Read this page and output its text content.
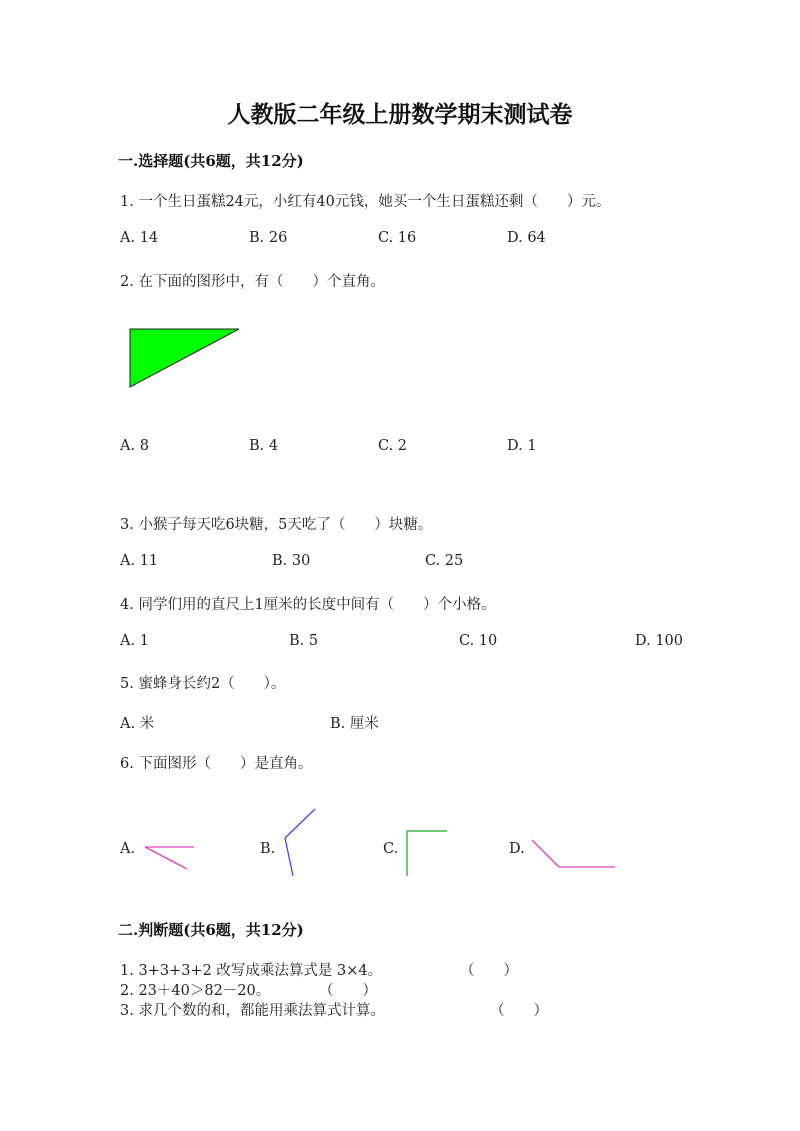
人教版二年级上册数学期末测试卷
一.选择题(共6题，共12分)
1. 一个生日蛋糕24元，小红有40元钱，她买一个生日蛋糕还剩（　　）元。
A. 14	B. 26	C. 16	D. 64
2. 在下面的图形中，有（　　）个直角。
A. 8	B. 4	C. 2	D. 1
3. 小猴子每天吃6块糖，5天吃了（　　）块糖。
A. 11	B. 30	C. 25
4. 同学们用的直尺上1厘米的长度中间有（　　）个小格。
A. 1	B. 5	C. 10	D. 100
5. 蜜蜂身长约2（　　）。
A. 米	B. 厘米
6. 下面图形（　　）是直角。
A.	B.	C.	D.
二.判断题(共6题，共12分)
1. 3+3+3+2 改写成乘法算式是 3×4。	（　　）
2. 23＋40＞82－20。	（　　）
3. 求几个数的和，都能用乘法算式计算。	（　　）
